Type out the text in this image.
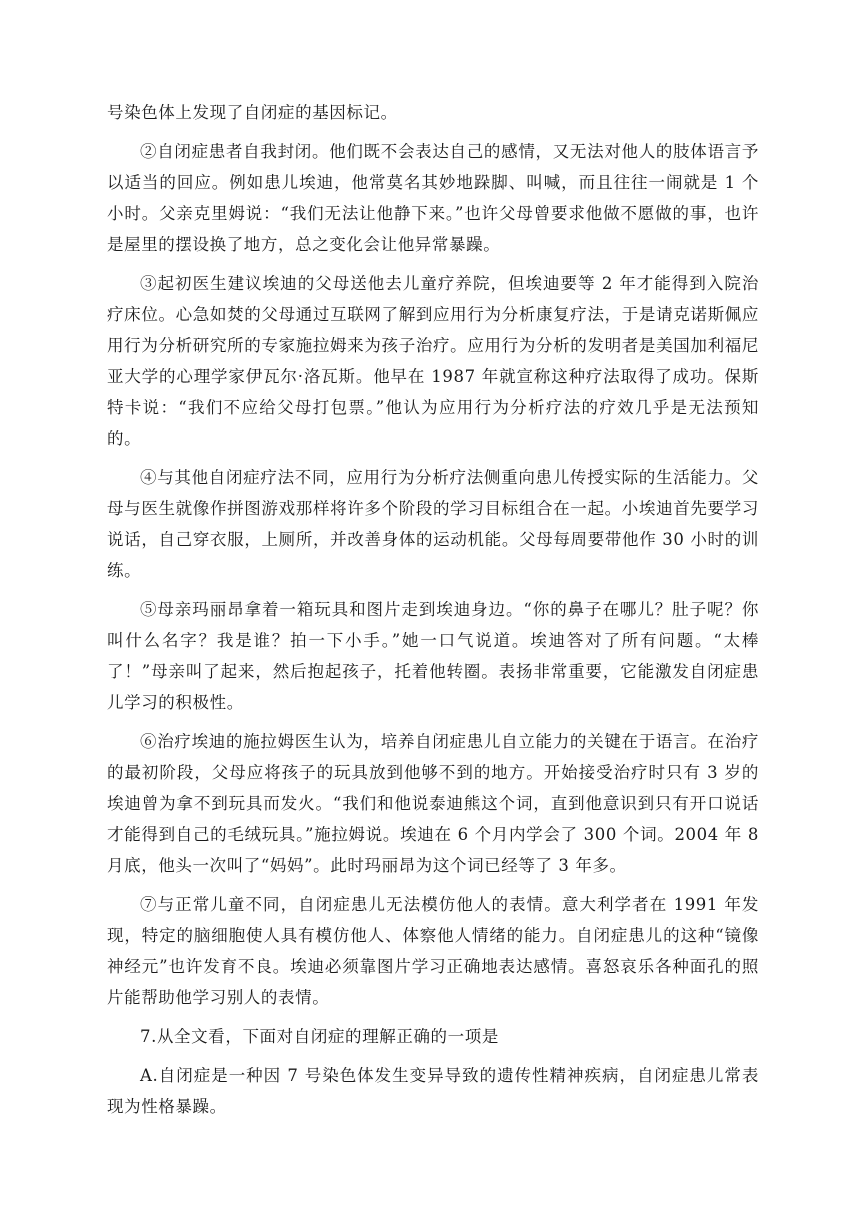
号染色体上发现了自闭症的基因标记。

②自闭症患者自我封闭。他们既不会表达自己的感情，又无法对他人的肢体语言予以适当的回应。例如患儿埃迪，他常莫名其妙地跺脚、叫喊，而且往往一闹就是 1 个小时。父亲克里姆说：“我们无法让他静下来。”也许父母曾要求他做不愿做的事，也许是屋里的摆设换了地方，总之变化会让他异常暴躁。

③起初医生建议埃迪的父母送他去儿童疗养院，但埃迪要等 2 年才能得到入院治疗床位。心急如焚的父母通过互联网了解到应用行为分析康复疗法，于是请克诺斯佩应用行为分析研究所的专家施拉姆来为孩子治疗。应用行为分析的发明者是美国加利福尼亚大学的心理学家伊瓦尔·洛瓦斯。他早在 1987 年就宣称这种疗法取得了成功。保斯特卡说：“我们不应给父母打包票。”他认为应用行为分析疗法的疗效几乎是无法预知的。

④与其他自闭症疗法不同，应用行为分析疗法侧重向患儿传授实际的生活能力。父母与医生就像作拼图游戏那样将许多个阶段的学习目标组合在一起。小埃迪首先要学习说话，自己穿衣服，上厕所，并改善身体的运动机能。父母每周要带他作 30 小时的训练。

⑤母亲玛丽昂拿着一箱玩具和图片走到埃迪身边。“你的鼻子在哪儿？肚子呢？你叫什么名字？我是谁？拍一下小手。”她一口气说道。埃迪答对了所有问题。“太棒了！”母亲叫了起来，然后抱起孩子，托着他转圈。表扬非常重要，它能激发自闭症患儿学习的积极性。

⑥治疗埃迪的施拉姆医生认为，培养自闭症患儿自立能力的关键在于语言。在治疗的最初阶段，父母应将孩子的玩具放到他够不到的地方。开始接受治疗时只有 3 岁的埃迪曾为拿不到玩具而发火。“我们和他说泰迪熊这个词，直到他意识到只有开口说话才能得到自己的毛绒玩具。”施拉姆说。埃迪在 6 个月内学会了 300 个词。2004 年 8 月底，他头一次叫了“妈妈”。此时玛丽昂为这个词已经等了 3 年多。

⑦与正常儿童不同，自闭症患儿无法模仿他人的表情。意大利学者在 1991 年发现，特定的脑细胞使人具有模仿他人、体察他人情绪的能力。自闭症患儿的这种“镜像神经元”也许发育不良。埃迪必须靠图片学习正确地表达感情。喜怒哀乐各种面孔的照片能帮助他学习别人的表情。

7.从全文看，下面对自闭症的理解正确的一项是

A.自闭症是一种因 7 号染色体发生变异导致的遗传性精神疾病，自闭症患儿常表现为性格暴躁。
